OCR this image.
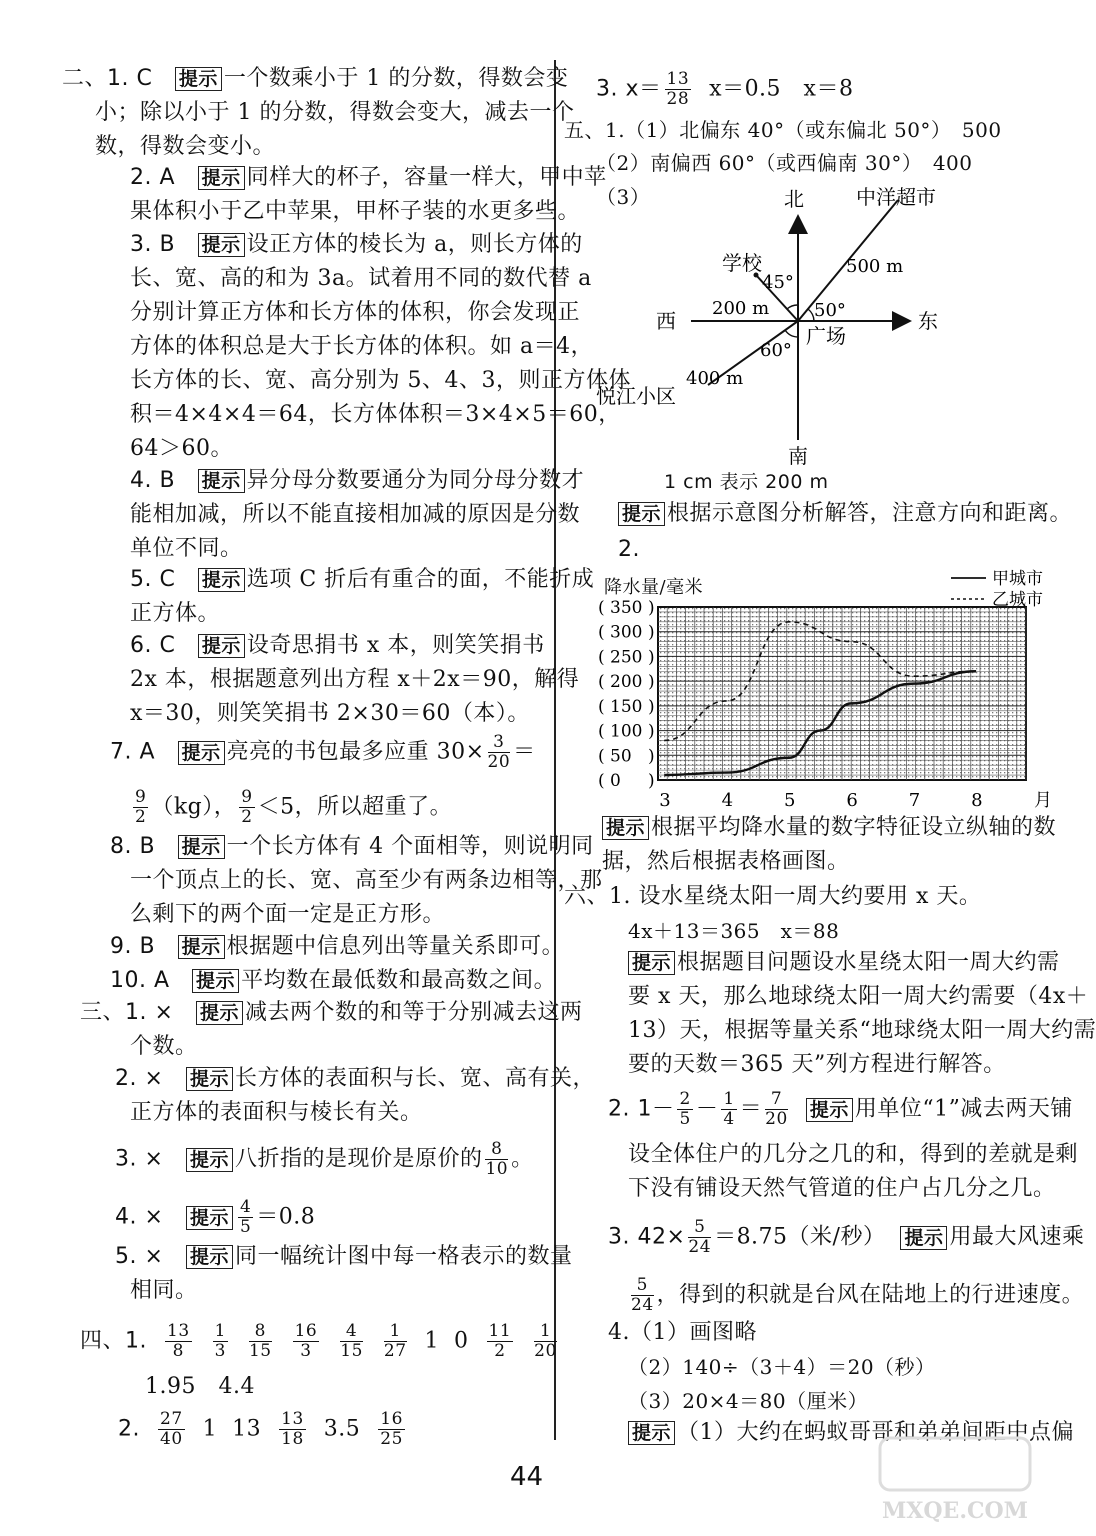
二、1. C　 提示 一个数乘小于 1 的分数，得数会变
小；除以小于 1 的分数，得数会变大，减去一个
数，得数会变小。
2. A　 提示 同样大的杯子，容量一样大，甲中苹
果体积小于乙中苹果，甲杯子装的水更多些。
3. B　 提示 设正方体的棱长为 a，则长方体的
长、宽、高的和为 3a。试着用不同的数代替 a
分别计算正方体和长方体的体积，你会发现正
方体的体积总是大于长方体的体积。如 a＝4，
长方体的长、宽、高分别为 5、4、3，则正方体体
积＝4×4×4＝64，长方体体积＝3×4×5＝60，
64＞60。
4. B　 提示 异分母分数要通分为同分母分数才
能相加减，所以不能直接相加减的原因是分数
单位不同。
5. C　 提示 选项 C 折后有重合的面，不能折成
正方体。
6. C　 提示 设奇思捐书 x 本，则笑笑捐书
2x 本，根据题意列出方程 x＋2x＝90，解得
x＝30，则笑笑捐书 2×30＝60（本）。
7. A　 提示 亮亮的书包最多应重 $30\times \frac{3}{20}$ ＝
$\frac{9}{2} (kg)$， $\frac{9}{2} <5$，所以超重了。
8. B　 提示 一个长方体有 4 个面相等，则说明同
一个顶点上的长、宽、高至少有两条边相等，那
么剩下的两个面一定是正方形。
9. B　 提示 根据题中信息列出等量关系即可。
10. A　 提示 平均数在最低数和最高数之间。
三、1. ×　 提示 减去两个数的和等于分别减去这两
个数。
2. ×　 提示 长方体的表面积与长、宽、高有关，
正方体的表面积与棱长有关。
3. ×　 提示 八折指的是现价是原价的 $\frac{8}{10}$ 。
4. ×　 提示 $\frac{4}{5} =0.8$
5. ×　 提示 同一幅统计图中每一格表示的数量
相同。
四、1. $\frac{13}{8}$
$\frac{1}{3}$
$\frac{8}{15}$
$\frac{16}{3}$
$\frac{4}{15}$
$\frac{1}{27} 1$ $0 \frac{11}{2}$
$\frac{1}{20}$
1.95　4.4
2. $\frac{27}{40} 1$ $13 \frac{13}{18} 3.5 \frac{16}{25}$
3. $x= \frac{13}{28} x=0.5$　x＝8
五、1.（1）北偏东 40°（或东偏北 50°）　500
（2）南偏西 60°（或西偏南 30°）　400
（3）	北
南
东
西
中洋超市
学校
广场
悦江小区
500 m
200 m
400 m
45°
50°
60°
1 cm 表示 200 m
提示 根据示意图分析解答，注意方向和距离。
2.
降水量/毫米
( 0 )
( 50 )
( 100 )
( 150 )
( 200 )
( 250 )
( 300 )
( 350 )
3	4	5	6	7	8	月
甲城市
乙城市
提示 根据平均降水量的数字特征设立纵轴的数
据，然后根据表格画图。
六、1. 设水星绕太阳一周大约要用 x 天。
4x＋13＝365　x＝88
提示 根据题目问题设水星绕太阳一周大约需
要 x 天，那么地球绕太阳一周大约需要（4x＋
13）天，根据等量关系“地球绕太阳一周大约需
要的天数＝365 天”列方程进行解答。
2. $1- \frac{2}{5} - \frac{1}{4} = \frac{7}{20}$ 提示 用单位“1”减去两天铺
设全体住户的几分之几的和，得到的差就是剩
下没有铺设天然气管道的住户占几分之几。
3. $42\times \frac{5}{24} =8.75$（米/秒） 提示 用最大风速乘
$\frac{5}{24}$ ，得到的积就是台风在陆地上的行进速度。
4.（1）画图略
（2）140÷（3＋4）＝20（秒）
（3）20×4＝80（厘米）
提示 （1）大约在蚂蚁哥哥和弟弟间距中点偏
44
MXQE.COM
